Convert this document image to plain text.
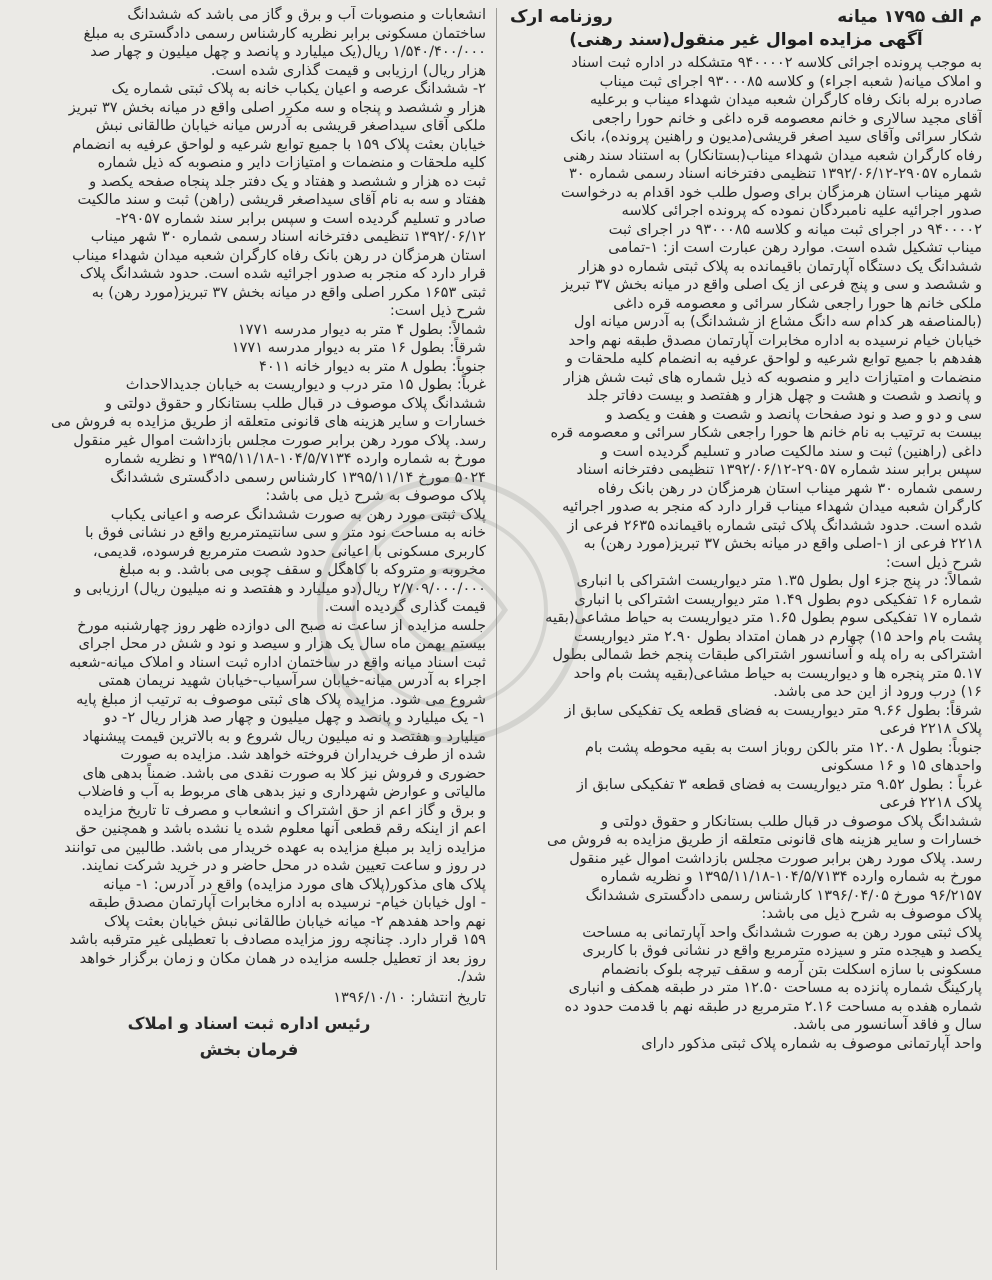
م الف ۱۷۹۵ میانه
روزنامه ارک
آگهی مزایده اموال غیر منقول(سند رهنی)
به موجب پرونده اجرائی کلاسه ۹۴۰۰۰۰۲ متشکله در اداره ثبت اسناد
و املاک میانه( شعبه اجراء) و کلاسه ۹۳۰۰۰۸۵ اجرای ثبت میناب
صادره برله بانک رفاه کارگران شعبه میدان شهداء میناب و برعلیه
آقای مجید سالاری و خانم معصومه قره داغی و خانم حورا راجعی
شکار سرائی وآقای سید اصغر قریشی(مدیون و راهنین پرونده)، بانک
رفاه کارگران شعبه میدان شهداء میناب(بستانکار) به استناد سند رهنی
شماره ۲۹۰۵۷-۱۳۹۲/۰۶/۱۲ تنظیمی دفترخانه اسناد رسمی شماره ۳۰
شهر میناب استان هرمزگان برای وصول طلب خود اقدام به درخواست
صدور اجرائیه علیه نامبردگان نموده که پرونده اجرائی کلاسه
۹۴۰۰۰۰۲ در اجرای ثبت میانه و کلاسه ۹۳۰۰۰۸۵ در اجرای ثبت
میناب تشکیل شده است. موارد رهن عبارت است از: ۱-تمامی
ششدانگ یک دستگاه آپارتمان باقیمانده به پلاک ثبتی شماره دو هزار
و ششصد و سی و پنج فرعی از یک اصلی واقع در میانه بخش ۳۷ تبریز
ملکی خانم ها حورا راجعی شکار سرائی و معصومه قره داغی
(بالمناصفه هر کدام سه دانگ مشاع از ششدانگ) به آدرس میانه اول
خیابان خیام نرسیده به اداره مخابرات آپارتمان مصدق طبقه نهم واحد
هفدهم با جمیع توابع شرعیه و لواحق عرفیه به انضمام کلیه ملحقات و
منضمات و امتیازات دایر و منصوبه که ذیل شماره های ثبت شش هزار
و پانصد و شصت و هشت و چهل هزار و هفتصد و بیست دفاتر جلد
سی و دو و صد و نود صفحات پانصد و شصت و هفت و یکصد و
بیست به ترتیب به نام خانم ها حورا راجعی شکار سرائی و معصومه قره
داغی (راهنین) ثبت و سند مالکیت صادر و تسلیم گردیده است و
سپس برابر سند شماره ۲۹۰۵۷-۱۳۹۲/۰۶/۱۲ تنظیمی دفترخانه اسناد
رسمی شماره ۳۰ شهر میناب استان هرمزگان در رهن بانک رفاه
کارگران شعبه میدان شهداء میناب قرار دارد که منجر به صدور اجرائیه
شده است. حدود ششدانگ پلاک ثبتی شماره باقیمانده ۲۶۳۵ فرعی از
۲۲۱۸ فرعی از ۱-اصلی واقع در میانه بخش ۳۷ تبریز(مورد رهن) به
شرح ذیل است:
شمالاً: در پنج جزء اول بطول ۱.۳۵ متر دیواریست اشتراکی با انباری
شماره ۱۶ تفکیکی دوم بطول ۱.۴۹ متر دیواریست اشتراکی با انباری
شماره ۱۷ تفکیکی سوم بطول ۱.۶۵ متر دیواریست به حیاط مشاعی(بقیه
پشت بام واحد ۱۵) چهارم در همان امتداد بطول ۲.۹۰ متر دیواریست
اشتراکی به راه پله و آسانسور اشتراکی طبقات پنجم خط شمالی بطول
۵.۱۷ متر پنجره ها و دیواریست به حیاط مشاعی(بقیه پشت بام واحد
۱۶) درب ورود از این حد می باشد.
شرقاً: بطول ۹.۶۶ متر دیواریست به فضای قطعه یک تفکیکی سابق از
پلاک ۲۲۱۸ فرعی
جنوباً: بطول ۱۲.۰۸ متر بالکن روباز است به بقیه محوطه پشت بام
واحدهای ۱۵ و ۱۶ مسکونی
غرباً : بطول ۹.۵۲ متر دیواریست به فضای قطعه ۳ تفکیکی سابق از
پلاک ۲۲۱۸ فرعی
ششدانگ پلاک موصوف در قبال طلب بستانکار و حقوق دولتی و
خسارات و سایر هزینه های قانونی متعلقه از طریق مزایده به فروش می
رسد. پلاک مورد رهن برابر صورت مجلس بازداشت اموال غیر منقول
مورخ به شماره وارده ۱۰۴/۵/۷۱۳۴-۱۳۹۵/۱۱/۱۸ و نظریه شماره
۹۶/۲۱۵۷ مورخ ۱۳۹۶/۰۴/۰۵ کارشناس رسمی دادگستری ششدانگ
پلاک موصوف به شرح ذیل می باشد:
پلاک ثبتی مورد رهن به صورت ششدانگ واحد آپارتمانی به مساحت
یکصد و هیجده متر و سیزده مترمربع واقع در نشانی فوق با کاربری
مسکونی با سازه اسکلت بتن آرمه و سقف تیرچه بلوک بانضمام
پارکینگ شماره پانزده به مساحت ۱۲.۵۰ متر در طبقه همکف و انباری
شماره هفده به مساحت ۲.۱۶ مترمربع در طبقه نهم با قدمت حدود ده
سال و فاقد آسانسور می باشد.
واحد آپارتمانی موصوف به شماره پلاک ثبتی مذکور دارای
انشعابات و منصوبات آب و برق و گاز می باشد که ششدانگ
ساختمان مسکونی برابر نظریه کارشناس رسمی دادگستری به مبلغ
۱/۵۴۰/۴۰۰/۰۰۰ ریال(یک میلیارد و پانصد و چهل میلیون و چهار صد
هزار ریال) ارزیابی و قیمت گذاری شده است.
۲- ششدانگ عرصه و اعیان یکباب خانه به پلاک ثبتی شماره یک
هزار و ششصد و پنجاه و سه مکرر اصلی واقع در میانه بخش ۳۷ تبریز
ملکی آقای سیداصغر قریشی به آدرس میانه خیابان طالقانی نبش
خیابان بعثت پلاک ۱۵۹ با جمیع توابع شرعیه و لواحق عرفیه به انضمام
کلیه ملحقات و منضمات و امتیازات دایر و منصوبه که ذیل شماره
ثبت ده هزار و ششصد و هفتاد و یک دفتر جلد پنجاه صفحه یکصد و
هفتاد و سه به نام آقای سیداصغر قریشی (راهن) ثبت و سند مالکیت
صادر و تسلیم گردیده است و سپس برابر سند شماره ۲۹۰۵۷-
۱۳۹۲/۰۶/۱۲ تنظیمی دفترخانه اسناد رسمی شماره ۳۰ شهر میناب
استان هرمزگان در رهن بانک رفاه کارگران شعبه میدان شهداء میناب
قرار دارد که منجر به صدور اجرائیه شده است. حدود ششدانگ پلاک
ثبتی ۱۶۵۳ مکرر اصلی واقع در میانه بخش ۳۷ تبریز(مورد رهن) به
شرح ذیل است:
شمالاً: بطول ۴ متر به دیوار مدرسه ۱۷۷۱
شرقاً: بطول ۱۶ متر به دیوار مدرسه ۱۷۷۱
جنوباً: بطول ۸ متر به دیوار خانه ۴۰۱۱
غرباً: بطول ۱۵ متر درب و دیواریست به خیابان جدیدالاحداث
ششدانگ پلاک موصوف در قبال طلب بستانکار و حقوق دولتی و
خسارات و سایر هزینه های قانونی متعلقه از طریق مزایده به فروش می
رسد. پلاک مورد رهن برابر صورت مجلس بازداشت اموال غیر منقول
مورخ به شماره وارده ۱۰۴/۵/۷۱۳۴-۱۳۹۵/۱۱/۱۸ و نظریه شماره
۵۰۲۴ مورخ ۱۳۹۵/۱۱/۱۴ کارشناس رسمی دادگستری ششدانگ
پلاک موصوف به شرح ذیل می باشد:
پلاک ثبتی مورد رهن به صورت ششدانگ عرصه و اعیانی یکباب
خانه به مساحت نود متر و سی سانتیمترمربع واقع در نشانی فوق با
کاربری مسکونی با اعیانی حدود شصت مترمربع فرسوده، قدیمی،
مخروبه و متروکه با کاهگل و سقف چوبی می باشد. و به مبلغ
۲/۷۰۹/۰۰۰/۰۰۰ ریال(دو میلیارد و هفتصد و نه میلیون ریال) ارزیابی و
قیمت گذاری گردیده است.
جلسه مزایده از ساعت نه صبح الی دوازده ظهر روز چهارشنبه مورخ
بیستم بهمن ماه سال یک هزار و سیصد و نود و شش در محل اجرای
ثبت اسناد میانه واقع در ساختمان اداره ثبت اسناد و املاک میانه-شعبه
اجراء به آدرس میانه-خیابان سرآسیاب-خیابان شهید نریمان همتی
شروع می شود. مزایده پلاک های ثبتی موصوف به ترتیب از مبلغ پایه
۱- یک میلیارد و پانصد و چهل میلیون و چهار صد هزار ریال ۲- دو
میلیارد و هفتصد و نه میلیون ریال شروع و به بالاترین قیمت پیشنهاد
شده از طرف خریداران فروخته خواهد شد. مزایده به صورت
حضوری و فروش نیز کلا به صورت نقدی می باشد. ضمناً بدهی های
مالیاتی و عوارض شهرداری و نیز بدهی های مربوط به آب و فاضلاب
و برق و گاز اعم از حق اشتراک و انشعاب و مصرف تا تاریخ مزایده
اعم از اینکه رقم قطعی آنها معلوم شده یا نشده باشد و همچنین حق
مزایده زاید بر مبلغ مزایده به عهده خریدار می باشد. طالبین می توانند
در روز و ساعت تعیین شده در محل حاضر و در خرید شرکت نمایند.
پلاک های مذکور(پلاک های مورد مزایده) واقع در آدرس: ۱- میانه
- اول خیابان خیام- نرسیده به اداره مخابرات آپارتمان مصدق طبقه
نهم واحد هفدهم ۲- میانه خیابان طالقانی نبش خیابان بعثت پلاک
۱۵۹ قرار دارد. چنانچه روز مزایده مصادف با تعطیلی غیر مترقبه باشد
روز بعد از تعطیل جلسه مزایده در همان مکان و زمان برگزار خواهد
شد/.
تاریخ انتشار: ۱۳۹۶/۱۰/۱۰
رئیس اداره ثبت اسناد و املاک
فرمان بخش
